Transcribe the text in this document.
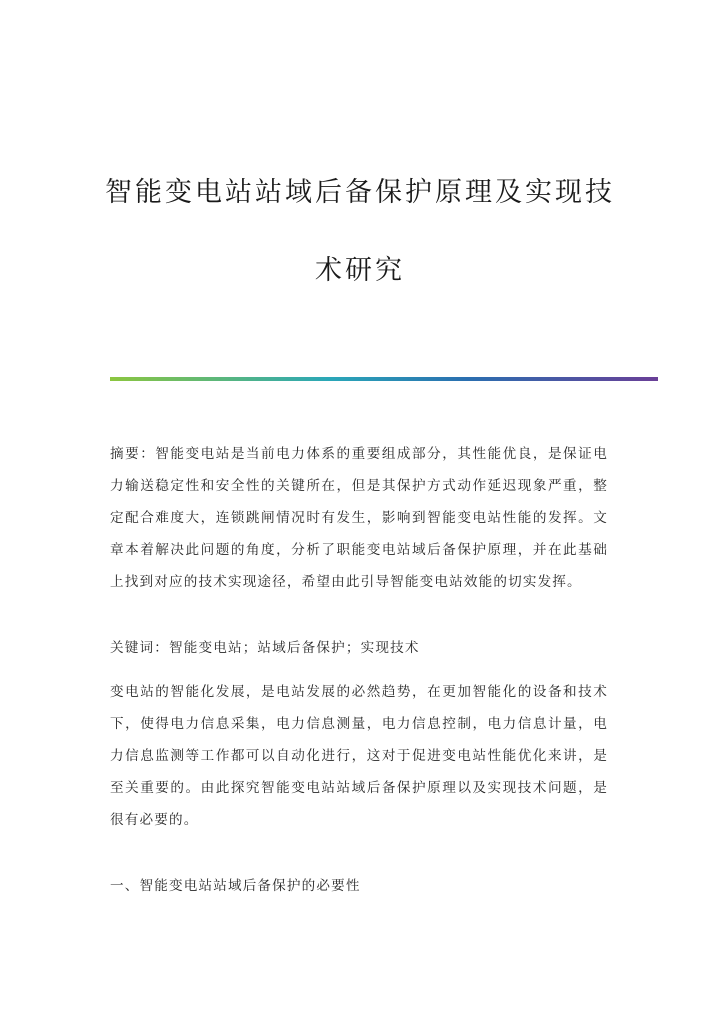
智能变电站站域后备保护原理及实现技
术研究
摘要：智能变电站是当前电力体系的重要组成部分，其性能优良，是保证电力输送稳定性和安全性的关键所在，但是其保护方式动作延迟现象严重，整定配合难度大，连锁跳闸情况时有发生，影响到智能变电站性能的发挥。文章本着解决此问题的角度，分析了职能变电站域后备保护原理，并在此基础上找到对应的技术实现途径，希望由此引导智能变电站效能的切实发挥。
关键词：智能变电站；站域后备保护；实现技术
变电站的智能化发展，是电站发展的必然趋势，在更加智能化的设备和技术下，使得电力信息采集，电力信息测量，电力信息控制，电力信息计量，电力信息监测等工作都可以自动化进行，这对于促进变电站性能优化来讲，是至关重要的。由此探究智能变电站站域后备保护原理以及实现技术问题，是很有必要的。
一、智能变电站站域后备保护的必要性
